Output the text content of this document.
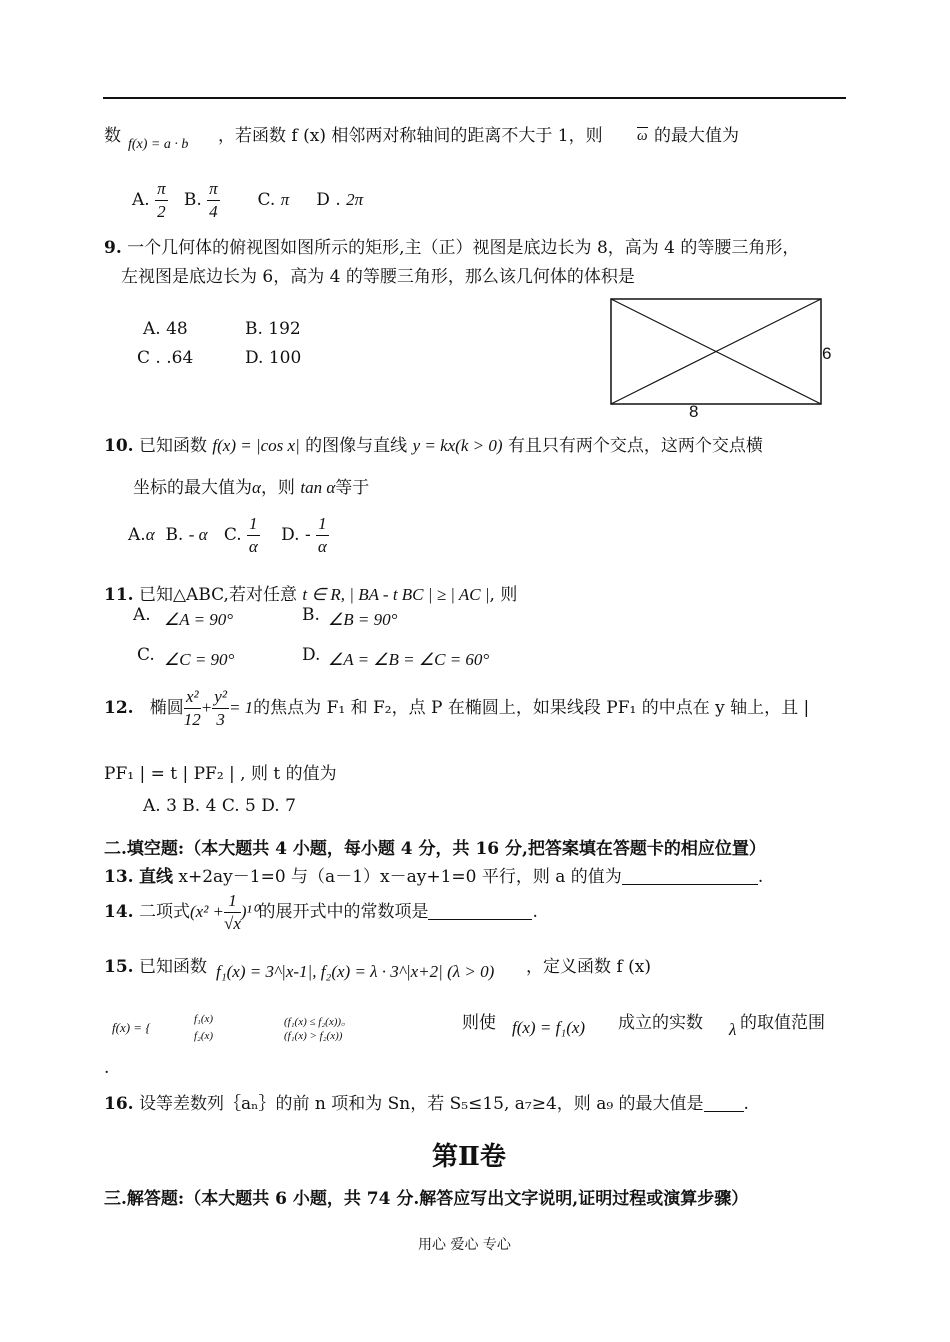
数 f(x) = a · b ，若函数 f (x) 相邻两对称轴间的距离不大于 1，则 ω 的最大值为
A. $\frac{\pi}{2} B$. $\frac{\pi}{4} C$. π D . 2π
9. 一个几何体的俯视图如图所示的矩形,主（正）视图是底边长为 8，高为 4 的等腰三角形，
左视图是底边长为 6，高为 4 的等腰三角形，那么该几何体的体积是
A. 48	B. 192
C . .64	D. 100	6
8
10. 已知函数 f(x) = |cos x| 的图像与直线 y = kx(k > 0) 有且只有两个交点，这两个交点横
坐标的最大值为α，则 tan α等于
A.α B. - α C. $\frac{1}{\alpha} D$. - $\frac{1}{\alpha}$
11. 已知△ABC,若对任意 t ∈ R, | BA - t BC | ≥ | AC |, 则
A. ∠A = 90°	B. ∠B = 90°
C. ∠C = 90°	D. ∠A = ∠B = ∠C = 60°
12. 椭圆 $\frac{\text{x²}}{12} + \frac{\text{y²}}{3} = 1$的焦点为 F₁ 和 F₂，点 P 在椭圆上，如果线段 PF₁ 的中点在 y 轴上，且 |
PF₁ | = t | PF₂ | , 则 t 的值为
A. 3 B. 4 C. 5 D. 7
二.填空题:（本大题共 4 小题，每小题 4 分，共 16 分,把答案填在答题卡的相应位置）
13. 直线 x+2ay－1=0 与（a－1）x－ay+1=0 平行，则 a 的值为	.
14. 二项式$(x^2 + \frac{1}{√x} )^{10}$的展开式中的常数项是	.
15. 已知函数 f₁(x) = 3^|x-1|, f₂(x) = λ · 3^|x+2| (λ > 0) ，定义函数 f (x)
f(x) = {
f₁(x)	(f₁(x) ≤ f₂(x))。
f₂(x)	(f₁(x) > f₂(x))
则使 f(x) = f₁(x) 成立的实数 λ 的取值范围
.
16. 设等差数列｛aₙ｝的前 n 项和为 Sn，若 S₅≤15, a₇≥4，则 a₉ 的最大值是 .
第Ⅱ卷
三.解答题:（本大题共 6 小题，共 74 分.解答应写出文字说明,证明过程或演算步骤）
用心 爱心 专心
